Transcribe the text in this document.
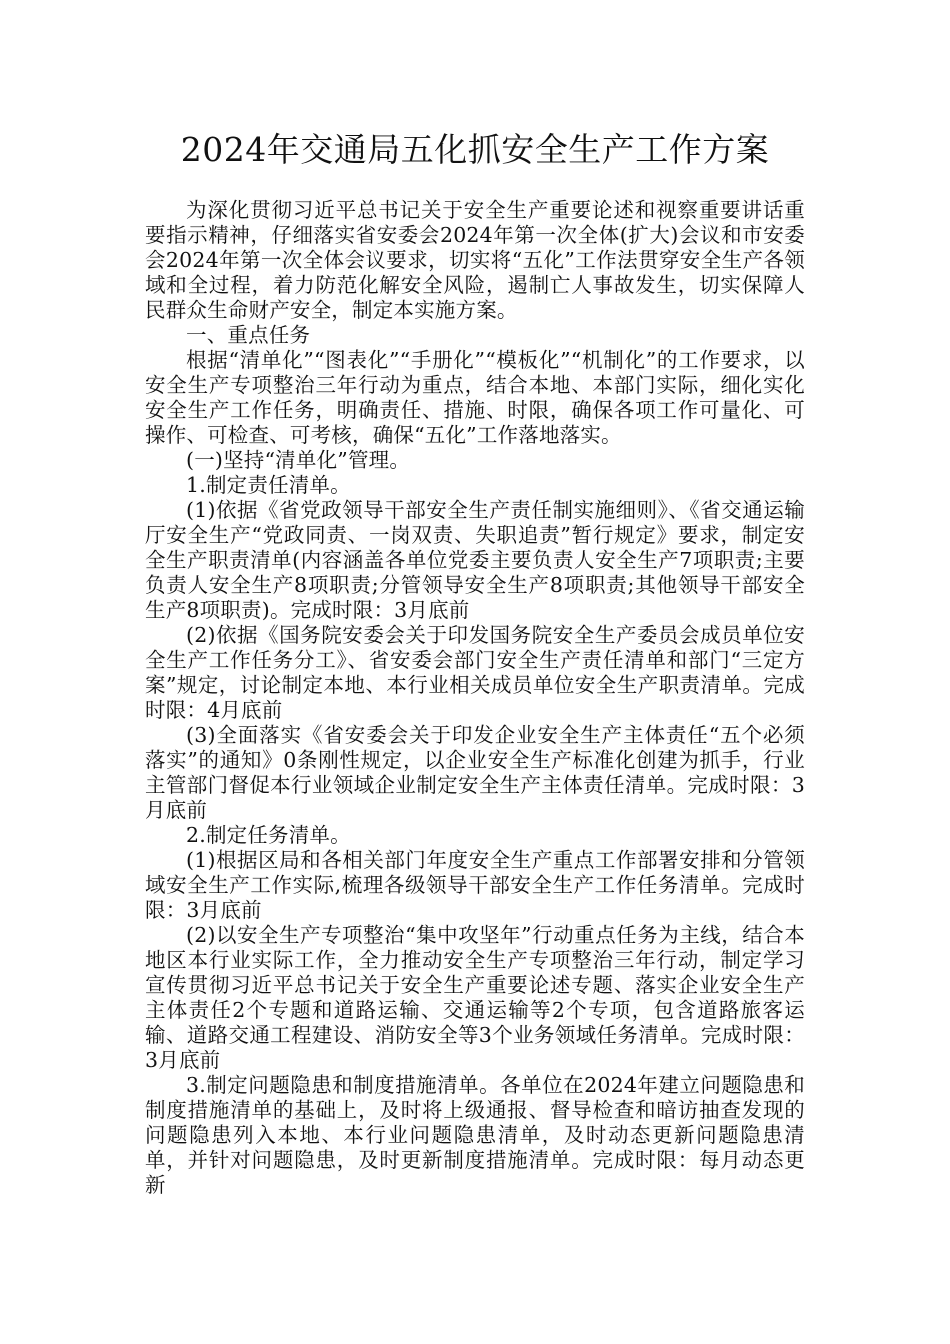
2024年交通局五化抓安全生产工作方案

为深化贯彻习近平总书记关于安全生产重要论述和视察重要讲话重要指示精神，仔细落实省安委会2024年第一次全体(扩大)会议和市安委会2024年第一次全体会议要求，切实将“五化”工作法贯穿安全生产各领域和全过程，着力防范化解安全风险，遏制亡人事故发生，切实保障人民群众生命财产安全，制定本实施方案。

一、重点任务

根据“清单化”“图表化”“手册化”“模板化”“机制化”的工作要求，以安全生产专项整治三年行动为重点，结合本地、本部门实际，细化实化安全生产工作任务，明确责任、措施、时限，确保各项工作可量化、可操作、可检查、可考核，确保“五化”工作落地落实。

(一)坚持“清单化”管理。

1.制定责任清单。

(1)依据《省党政领导干部安全生产责任制实施细则》、《省交通运输厅安全生产“党政同责、一岗双责、失职追责”暂行规定》要求，制定安全生产职责清单(内容涵盖各单位党委主要负责人安全生产7项职责;主要负责人安全生产8项职责;分管领导安全生产8项职责;其他领导干部安全生产8项职责)。完成时限：3月底前

(2)依据《国务院安委会关于印发国务院安全生产委员会成员单位安全生产工作任务分工》、省安委会部门安全生产责任清单和部门“三定方案”规定，讨论制定本地、本行业相关成员单位安全生产职责清单。完成时限：4月底前

(3)全面落实《省安委会关于印发企业安全生产主体责任“五个必须落实”的通知》0条刚性规定，以企业安全生产标准化创建为抓手，行业主管部门督促本行业领域企业制定安全生产主体责任清单。完成时限：3月底前

2.制定任务清单。

(1)根据区局和各相关部门年度安全生产重点工作部署安排和分管领域安全生产工作实际,梳理各级领导干部安全生产工作任务清单。完成时限：3月底前

(2)以安全生产专项整治“集中攻坚年”行动重点任务为主线，结合本地区本行业实际工作，全力推动安全生产专项整治三年行动，制定学习宣传贯彻习近平总书记关于安全生产重要论述专题、落实企业安全生产主体责任2个专题和道路运输、交通运输等2个专项，包含道路旅客运输、道路交通工程建设、消防安全等3个业务领域任务清单。完成时限：3月底前

3.制定问题隐患和制度措施清单。各单位在2024年建立问题隐患和制度措施清单的基础上，及时将上级通报、督导检查和暗访抽查发现的问题隐患列入本地、本行业问题隐患清单，及时动态更新问题隐患清单，并针对问题隐患，及时更新制度措施清单。完成时限：每月动态更新
